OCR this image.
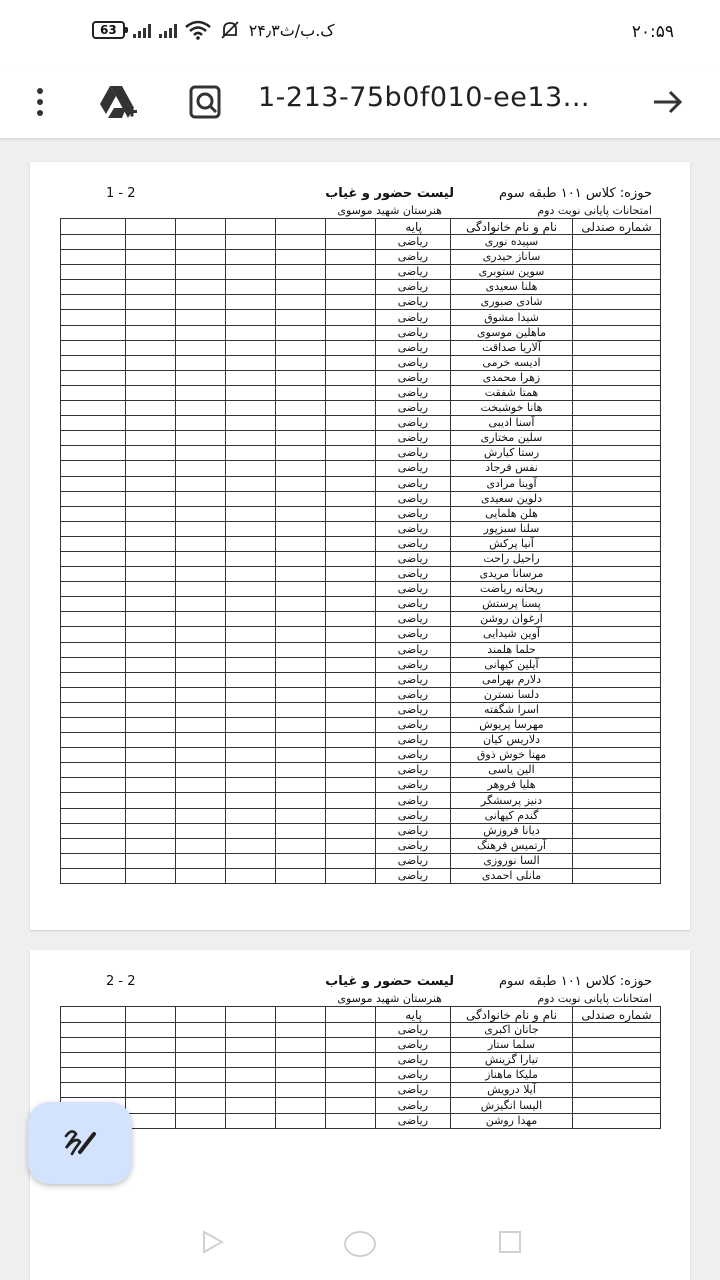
63	۲۴٫۳ک.ب/ث	۲۰:۵۹
1-213-75b0f010-ee13...
حوزه: کلاس ۱۰۱ طبقه سوم
امتحانات پایانی نوبت دوم
لیست حضور و غیاب
هنرستان شهید موسوی
1 - 2
شماره صندلی	نام و نام خانوادگی	پایه						
	سپیده نوری	ریاضی						
	ساناز حیدری	ریاضی						
	سوین ستوبری	ریاضی						
	هلنا سعیدی	ریاضی						
	شادی صبوری	ریاضی						
	شیدا مشوق	ریاضی						
	ماهلین موسوی	ریاضی						
	آلاریا صداقت	ریاضی						
	ادیسه خرمی	ریاضی						
	زهرا محمدی	ریاضی						
	همتا شفقت	ریاضی						
	هانا خوشبخت	ریاضی						
	آسنا ادیبی	ریاضی						
	سلین مختاری	ریاضی						
	رستا کیارش	ریاضی						
	نفس فرجاد	ریاضی						
	آوینا مرادی	ریاضی						
	دلوین سعیدی	ریاضی						
	هلن هلمایی	ریاضی						
	سلنا سبزپور	ریاضی						
	آنیا پرکش	ریاضی						
	راحیل راحت	ریاضی						
	مرسانا مریدی	ریاضی						
	ریحانه ریاضت	ریاضی						
	پسنا پرستش	ریاضی						
	ارغوان روشن	ریاضی						
	آوین شیدایی	ریاضی						
	حلما هلمند	ریاضی						
	آیلین کیهانی	ریاضی						
	دلارم بهرامی	ریاضی						
	دلسا نسترن	ریاضی						
	اسرا شگفته	ریاضی						
	مهرسا پریوش	ریاضی						
	دلاریس کیان	ریاضی						
	مهنا خوش ذوق	ریاضی						
	الین یاسی	ریاضی						
	هلیا فروهر	ریاضی						
	دنیز پرسشگر	ریاضی						
	گندم کیهانی	ریاضی						
	دیانا فروزش	ریاضی						
	آرتمیس فرهنگ	ریاضی						
	السا نوروزی	ریاضی						
	مانلی احمدی	ریاضی						
حوزه: کلاس ۱۰۱ طبقه سوم
امتحانات پایانی نوبت دوم
لیست حضور و غیاب
هنرستان شهید موسوی
2 - 2
شماره صندلی	نام و نام خانوادگی	پایه						
	جانان اکبری	ریاضی						
	سلما ستار	ریاضی						
	تیارا گزینش	ریاضی						
	ملیکا ماهناز	ریاضی						
	آیلا درویش	ریاضی						
	الیسا انگیزش	ریاضی						
	مهدا روشن	ریاضی						
